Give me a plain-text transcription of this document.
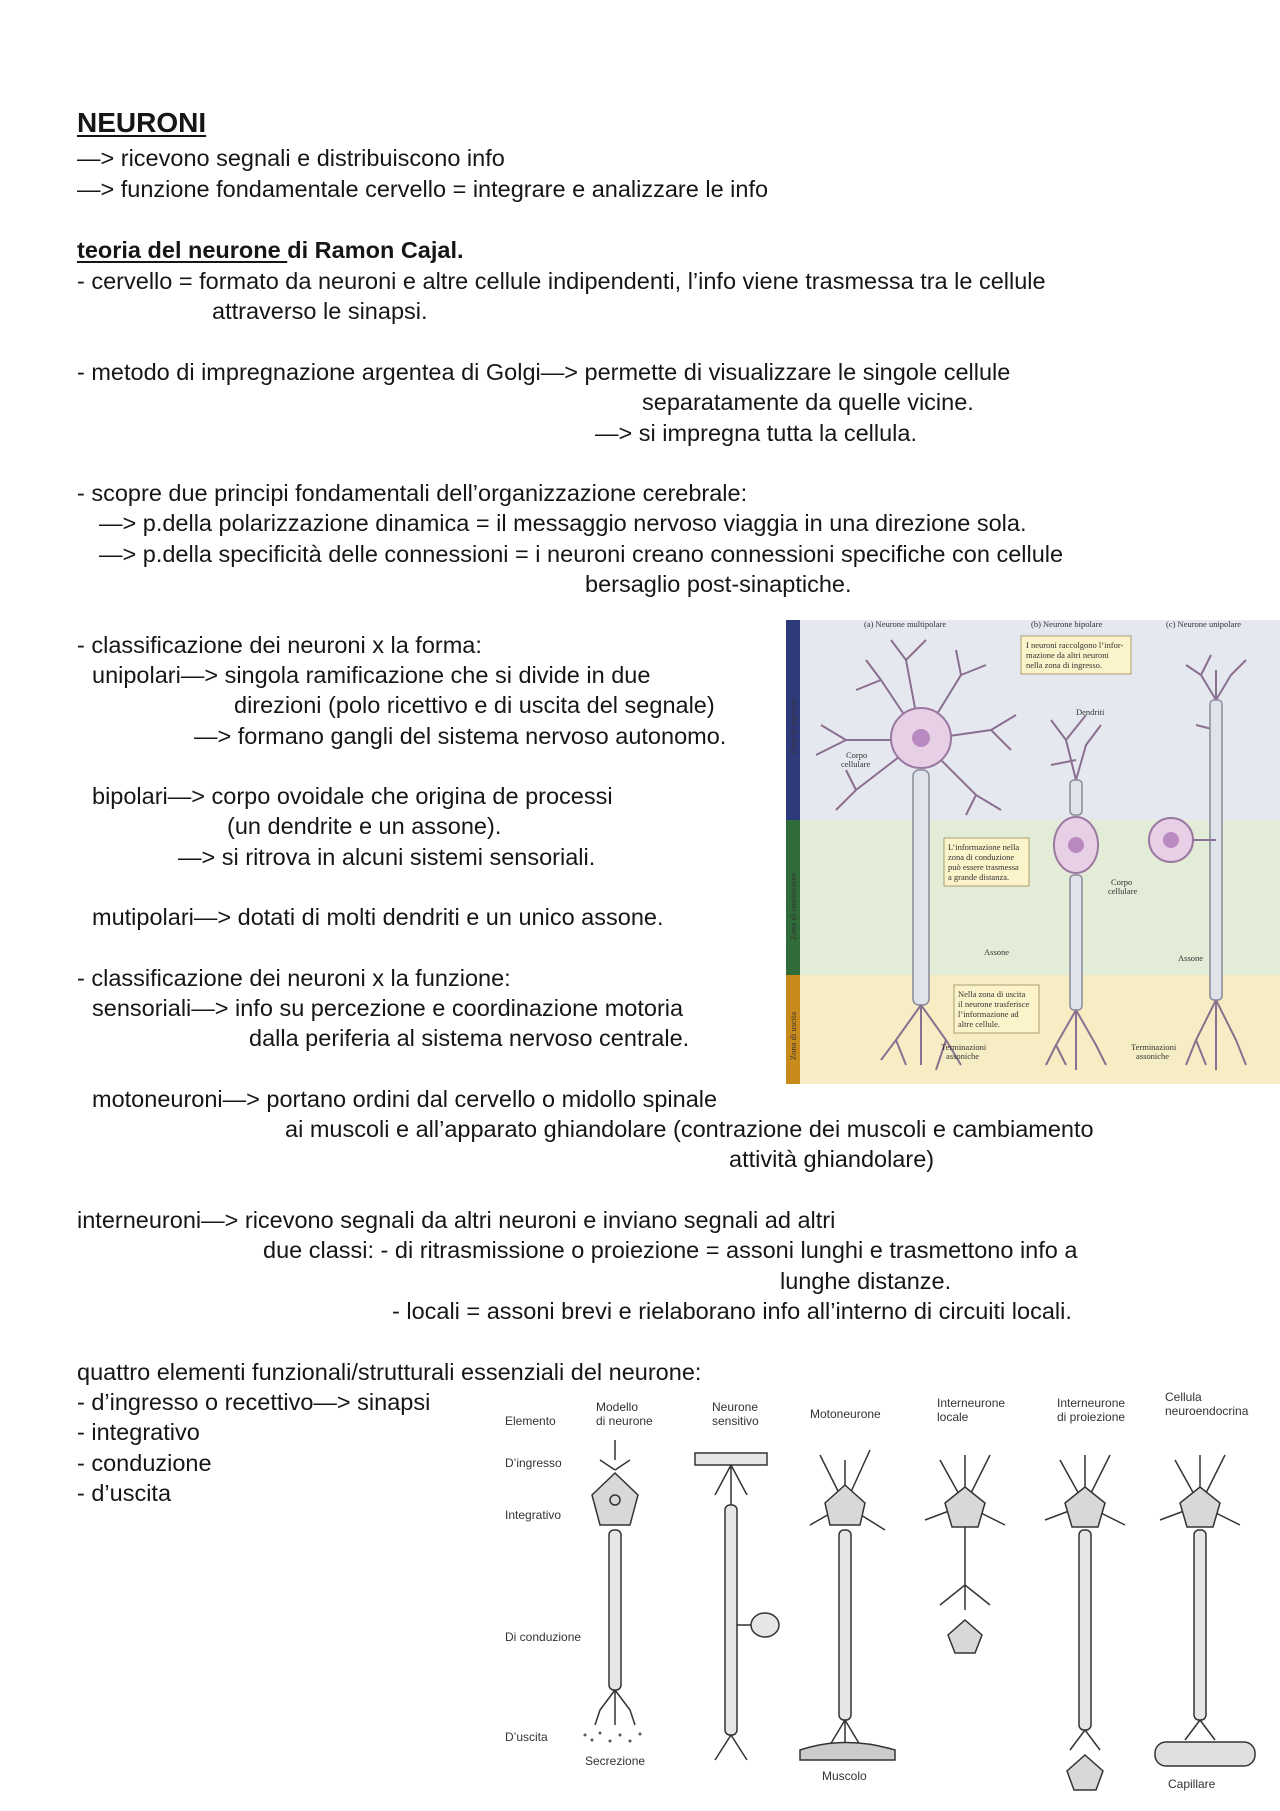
NEURONI
—> ricevono segnali e distribuiscono info
—> funzione fondamentale cervello = integrare e analizzare le info
teoria del neurone di Ramon Cajal.
- cervello = formato da neuroni e altre cellule indipendenti, l’info viene trasmessa tra le cellule
attraverso le sinapsi.
- metodo di impregnazione argentea di Golgi—> permette di visualizzare le singole cellule
separatamente da quelle vicine.
—> si impregna tutta la cellula.
- scopre due principi fondamentali dell’organizzazione cerebrale:
—> p.della polarizzazione dinamica = il messaggio nervoso viaggia in una direzione sola.
—> p.della specificità delle connessioni = i neuroni creano connessioni specifiche con cellule
bersaglio post-sinaptiche.
- classificazione dei neuroni x la forma:
unipolari—> singola ramificazione che si divide in due
direzioni (polo ricettivo e di uscita del segnale)
—> formano gangli del sistema nervoso autonomo.
bipolari—> corpo ovoidale che origina de processi
(un dendrite e un assone).
—> si ritrova in alcuni sistemi sensoriali.
mutipolari—> dotati di molti dendriti e un unico assone.
- classificazione dei neuroni x la funzione:
sensoriali—> info su percezione e coordinazione motoria
dalla periferia al sistema nervoso centrale.
motoneuroni—> portano ordini dal cervello o midollo spinale
ai muscoli e all’apparato ghiandolare (contrazione dei muscoli e cambiamento
attività ghiandolare)
interneuroni—> ricevono segnali da altri neuroni e inviano segnali ad altri
due classi: - di ritrasmissione o proiezione = assoni lunghi e trasmettono info a
lunghe distanze.
- locali = assoni brevi e rielaborano info all’interno di circuiti locali.
quattro elementi funzionali/strutturali essenziali del neurone:
- d’ingresso o recettivo—> sinapsi
- integrativo
- conduzione
- d’uscita
Zona di ingresso
Zona di conduzione
Zona di uscita
(a) Neurone multipolare	(b) Neurone bipolare	(c) Neurone unipolare
I neuroni raccolgono l’infor-
mazione da altri neuroni
nella zona di ingresso.
Dendriti
Corpo
cellulare
L’informazione nella
zona di conduzione
può essere trasmessa
a grande distanza.	Corpo
cellulare
Assone
Assone
Nella zona di uscita
il neurone trasferisce
l’informazione ad
altre cellule.
Terminazioni
assoniche
Terminazioni
assoniche
Elemento
Modello
di neurone
Neurone
sensitivo	Motoneurone
Interneurone
locale
Interneurone
di proiezione
Cellula
neuroendocrina
D’ingresso
Integrativo
Di conduzione
D’uscita
Secrezione
Muscolo
Capillare
